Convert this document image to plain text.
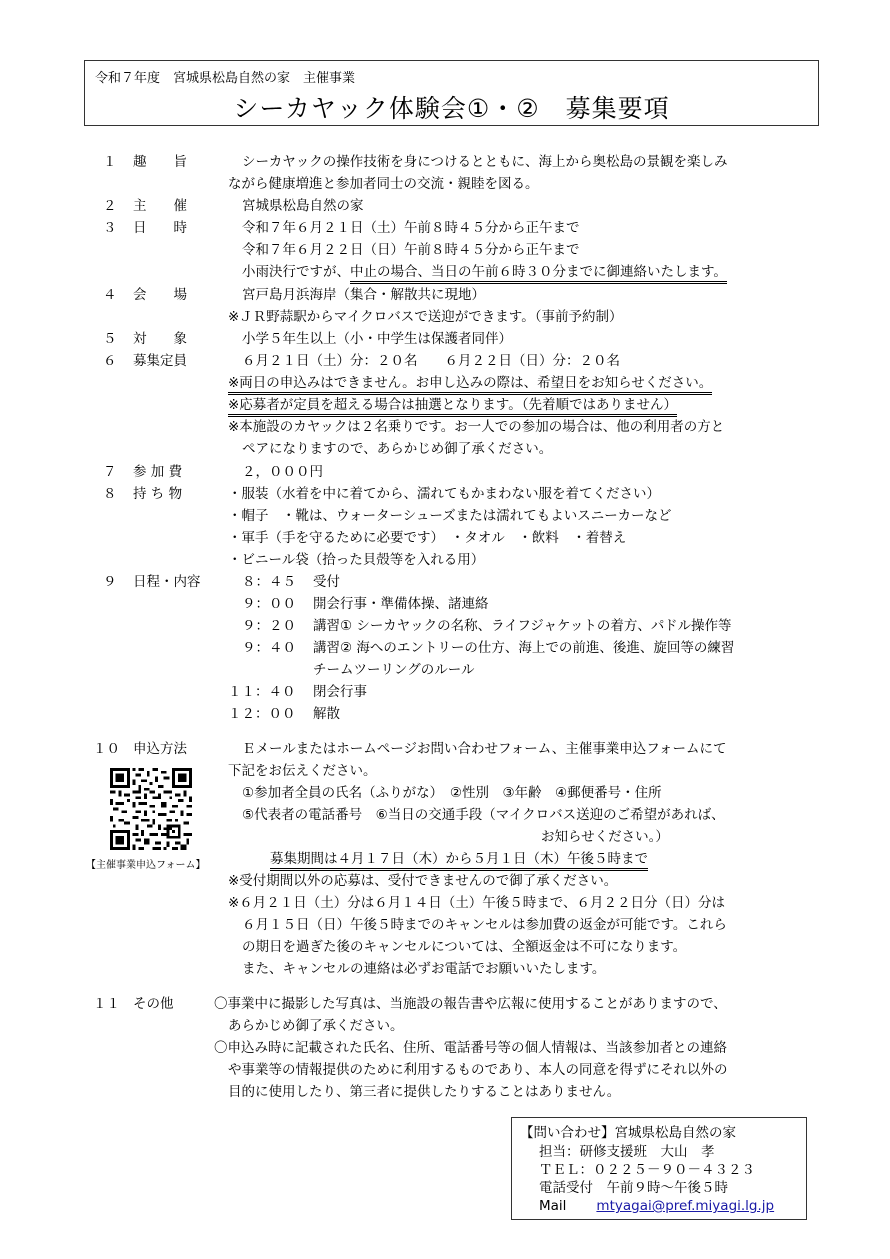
令和７年度　宮城県松島自然の家　主催事業
シーカヤック体験会①・②　募集要項
１ 趣　　旨	シーカヤックの操作技術を身につけるとともに、海上から奥松島の景観を楽しみ
ながら健康増進と参加者同士の交流・親睦を図る。
２ 主　　催	宮城県松島自然の家
３ 日　　時	令和７年６月２１日（土）午前８時４５分から正午まで
令和７年６月２２日（日）午前８時４５分から正午まで
小雨決行ですが、中止の場合、当日の午前６時３０分までに御連絡いたします。
４ 会　　場	宮戸島月浜海岸（集合・解散共に現地）
※ＪＲ野蒜駅からマイクロバスで送迎ができます。（事前予約制）
５ 対　　象	小学５年生以上（小・中学生は保護者同伴）
６ 募集定員	６月２１日（土）分：２０名　　６月２２日（日）分：２０名
※両日の申込みはできません。お申し込みの際は、希望日をお知らせください。
※応募者が定員を超える場合は抽選となります。（先着順ではありません）
※本施設のカヤックは２名乗りです。お一人での参加の場合は、他の利用者の方と
ペアになりますので、あらかじめ御了承ください。
７ 参 加 費	２，０００円
８ 持 ち 物	・服装（水着を中に着てから、濡れてもかまわない服を着てください）
・帽子　・靴は、ウォーターシューズまたは濡れてもよいスニーカーなど
・軍手（手を守るために必要です）　・タオル　・飲料　・着替え
・ビニール袋（拾った貝殻等を入れる用）
９ 日程・内容	８：４５ 受付
９：００ 開会行事・準備体操、諸連絡
９：２０ 講習① シーカヤックの名称、ライフジャケットの着方、パドル操作等
９：４０ 講習② 海へのエントリーの仕方、海上での前進、後進、旋回等の練習
チームツーリングのルール
１１：４０ 閉会行事
１２：００ 解散
１０ 申込方法	Ｅメールまたはホームページお問い合わせフォーム、主催事業申込フォームにて
下記をお伝えください。
①参加者全員の氏名（ふりがな）　②性別　③年齢　④郵便番号・住所
⑤代表者の電話番号　⑥当日の交通手段（マイクロバス送迎のご希望があれば、
お知らせください。）
募集期間は４月１７日（木）から５月１日（木）午後５時まで
※受付期間以外の応募は、受付できませんので御了承ください。
※６月２１日（土）分は６月１４日（土）午後５時まで、６月２２日分（日）分は
６月１５日（日）午後５時までのキャンセルは参加費の返金が可能です。これら
の期日を過ぎた後のキャンセルについては、全額返金は不可になります。
また、キャンセルの連絡は必ずお電話でお願いいたします。
【主催事業申込フォーム】
１１ その他	〇事業中に撮影した写真は、当施設の報告書や広報に使用することがありますので、
あらかじめ御了承ください。
〇申込み時に記載された氏名、住所、電話番号等の個人情報は、当該参加者との連絡
や事業等の情報提供のために利用するものであり、本人の同意を得ずにそれ以外の
目的に使用したり、第三者に提供したりすることはありません。
【問い合わせ】宮城県松島自然の家
担当：研修支援班　大山　孝
ＴＥＬ：０２２５－９０－４３２３
電話受付　午前９時～午後５時
Mail mtyagai@pref.miyagi.lg.jp
